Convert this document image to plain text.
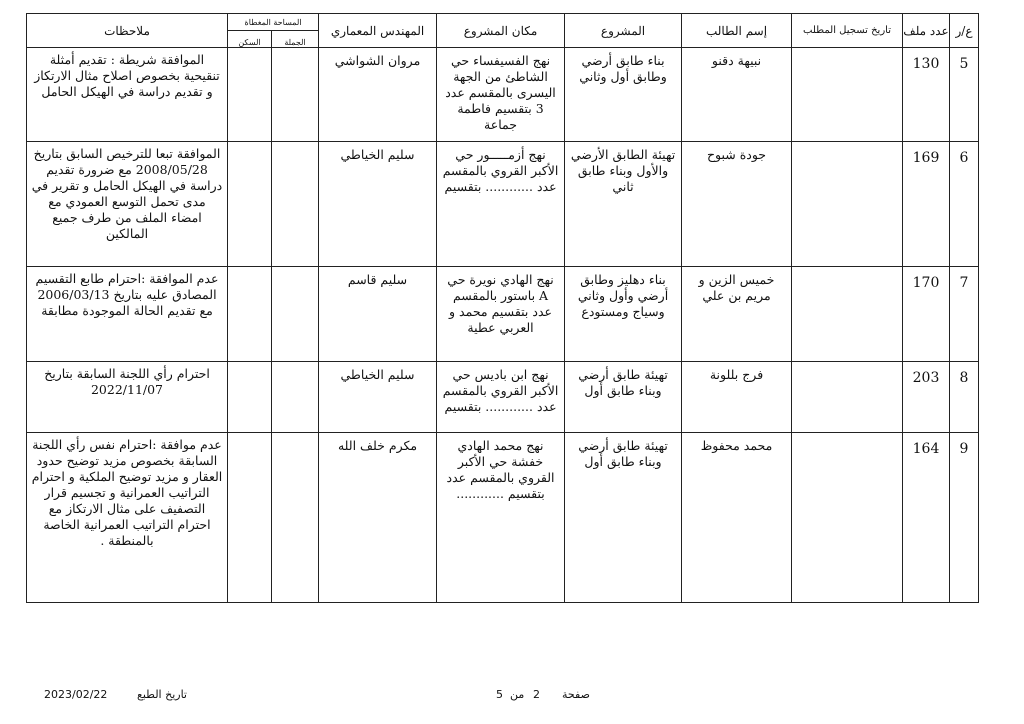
ع/ر	عدد ملف	تاريخ تسجيل المطلب	إسم الطالب	المشروع	مكان المشروع	المهندس المعماري	المساحة المغطاة		ملاحظات
							الجملة	السكن	
5	130		نبيهة دقنو	بناء طابق أرضي وطابق أول وثاني	نهج الفسيفساء حي الشاطئ من الجهة اليسرى بالمقسم عدد 3 بتقسيم فاطمة جماعة	مروان الشواشي			الموافقة شريطة : تقديم أمثلة تنقيحية بخصوص اصلاح مثال الارتكاز و تقديم دراسة في الهيكل الحامل
6	169		جودة شبوح	تهيئة الطابق الأرضي والأول وبناء طابق ثاني	نهج أزمـــــور حي الأكبر القروي بالمقسم عدد ............ بتقسيم	سليم الخياطي			الموافقة تبعا للترخيص السابق بتاريخ 2008/05/28 مع ضرورة تقديم دراسة في الهيكل الحامل و تقرير في مدى تحمل التوسع العمودي مع امضاء الملف من طرف جميع المالكين
7	170		خميس الزين و مريم بن علي	بناء دهليز وطابق أرضي وأول وثاني وسياج ومستودع	نهج الهادي نويرة حي A باستور بالمقسم عدد بتقسيم محمد و العربي عطية	سليم قاسم			عدم الموافقة :احترام طابع التقسيم المصادق عليه بتاريخ 2006/03/13 مع تقديم الحالة الموجودة مطابقة
8	203		فرج بللونة	تهيئة طابق أرضي وبناء طابق أول	نهج ابن باديس حي الأكبر القروي بالمقسم عدد ............ بتقسيم	سليم الخياطي			احترام رأي اللجنة السابقة بتاريخ 2022/11/07
9	164		محمد محفوظ	تهيئة طابق أرضي وبناء طابق أول	نهج محمد الهادي خفشة حي الأكبر القروي بالمقسم عدد بتقسيم ............	مكرم خلف الله			عدم موافقة :احترام نفس رأي اللجنة السابقة بخصوص مزيد توضيح حدود العقار و مزيد توضيح الملكية و احترام التراتيب العمرانية و تجسيم قرار التصفيف على مثال الارتكاز مع احترام التراتيب العمرانية الخاصة بالمنطقة .
2023/02/22	تاريخ الطبع	5 من 2 صفحة
